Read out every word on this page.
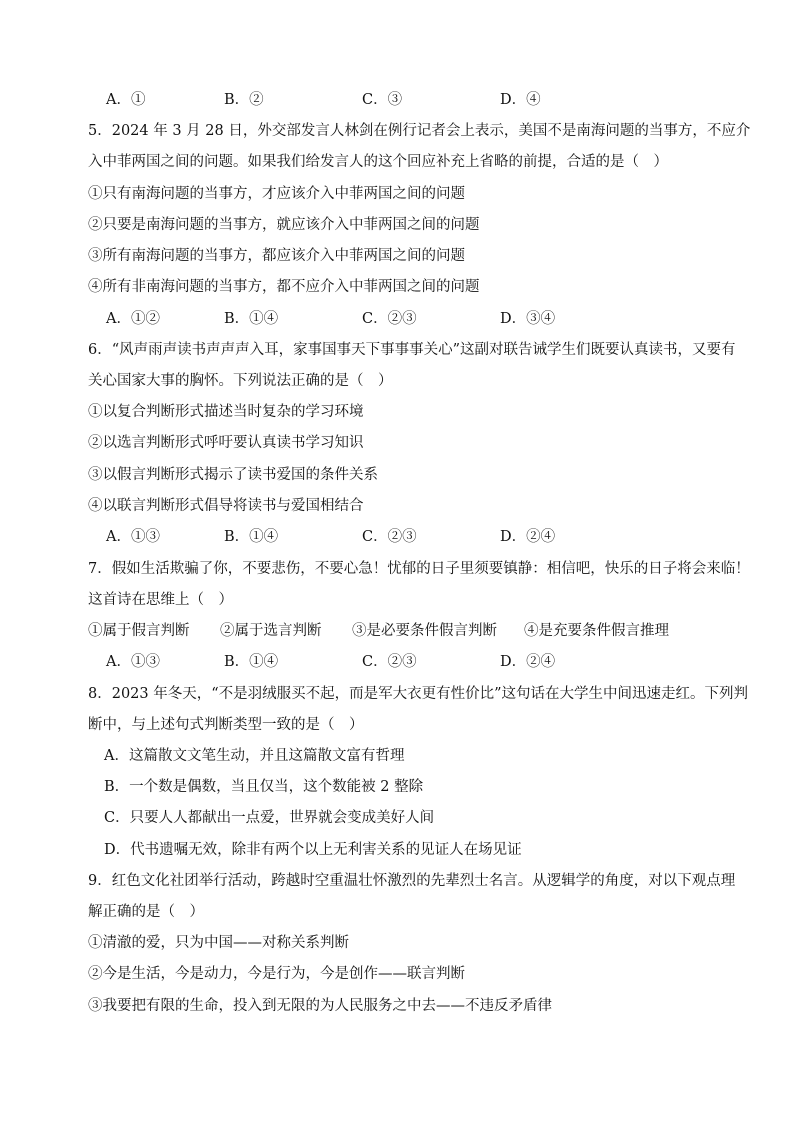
A．①	B．②	C．③	D．④
5．2024 年 3 月 28 日，外交部发言人林剑在例行记者会上表示，美国不是南海问题的当事方，不应介
入中菲两国之间的问题。如果我们给发言人的这个回应补充上省略的前提，合适的是（　）
①只有南海问题的当事方，才应该介入中菲两国之间的问题
②只要是南海问题的当事方，就应该介入中菲两国之间的问题
③所有南海问题的当事方，都应该介入中菲两国之间的问题
④所有非南海问题的当事方，都不应介入中菲两国之间的问题
A．①②	B．①④	C．②③	D．③④
6．“风声雨声读书声声声入耳，家事国事天下事事事关心”这副对联告诫学生们既要认真读书，又要有
关心国家大事的胸怀。下列说法正确的是（　）
①以复合判断形式描述当时复杂的学习环境
②以选言判断形式呼吁要认真读书学习知识
③以假言判断形式揭示了读书爱国的条件关系
④以联言判断形式倡导将读书与爱国相结合
A．①③	B．①④	C．②③	D．②④
7．假如生活欺骗了你，不要悲伤，不要心急！忧郁的日子里须要镇静：相信吧，快乐的日子将会来临！
这首诗在思维上（　）
①属于假言判断 ②属于选言判断 ③是必要条件假言判断 ④是充要条件假言推理
A．①③	B．①④	C．②③	D．②④
8．2023 年冬天，“不是羽绒服买不起，而是军大衣更有性价比”这句话在大学生中间迅速走红。下列判
断中，与上述句式判断类型一致的是（　）
A．这篇散文文笔生动，并且这篇散文富有哲理
B．一个数是偶数，当且仅当，这个数能被 2 整除
C．只要人人都献出一点爱，世界就会变成美好人间
D．代书遗嘱无效，除非有两个以上无利害关系的见证人在场见证
9．红色文化社团举行活动，跨越时空重温壮怀激烈的先辈烈士名言。从逻辑学的角度，对以下观点理
解正确的是（　）
①清澈的爱，只为中国——对称关系判断
②今是生活，今是动力，今是行为，今是创作——联言判断
③我要把有限的生命，投入到无限的为人民服务之中去——不违反矛盾律
